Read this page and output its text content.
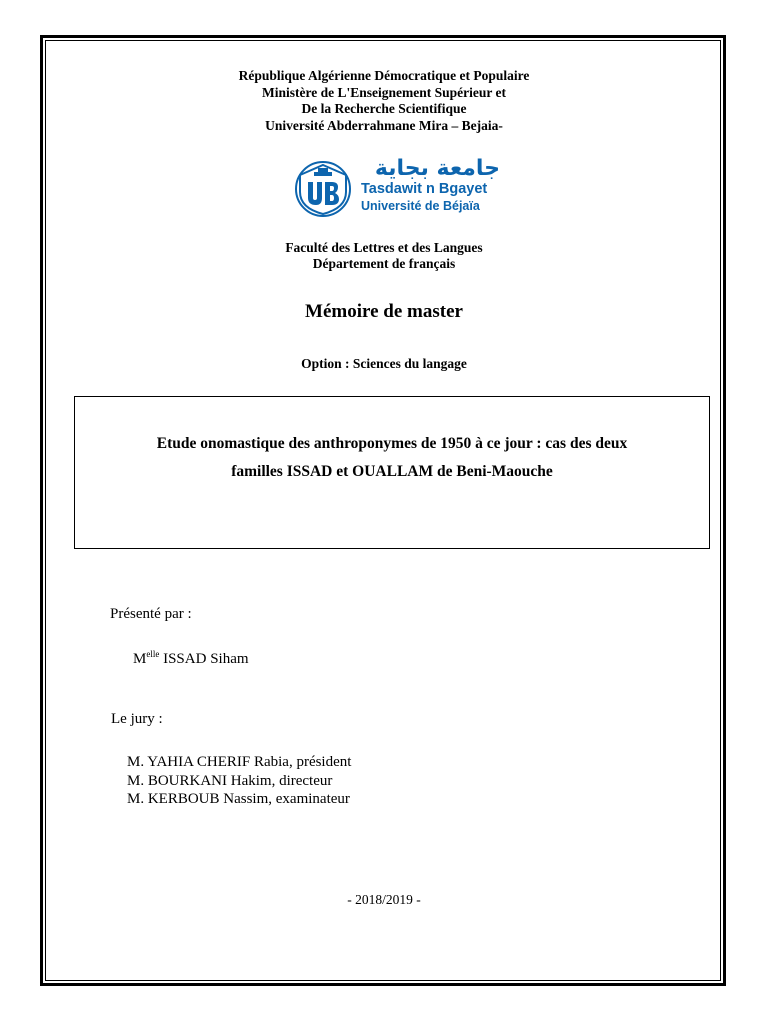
République Algérienne Démocratique et Populaire
Ministère de L'Enseignement Supérieur et
De la Recherche Scientifique
Université Abderrahmane Mira – Bejaia-
جامعة بجاية
Tasdawit n Bgayet
Université de Béjaïa
Faculté des Lettres et des Langues
Département de français
Mémoire de master
Option : Sciences du langage
Etude onomastique des anthroponymes de 1950 à ce jour : cas des deux
familles ISSAD et OUALLAM de Beni-Maouche
Présenté par :
$M^{elle}$ ISSAD Siham
Le jury :
M. YAHIA CHERIF Rabia, président
M. BOURKANI Hakim, directeur
M. KERBOUB Nassim, examinateur
- 2018/2019 -
